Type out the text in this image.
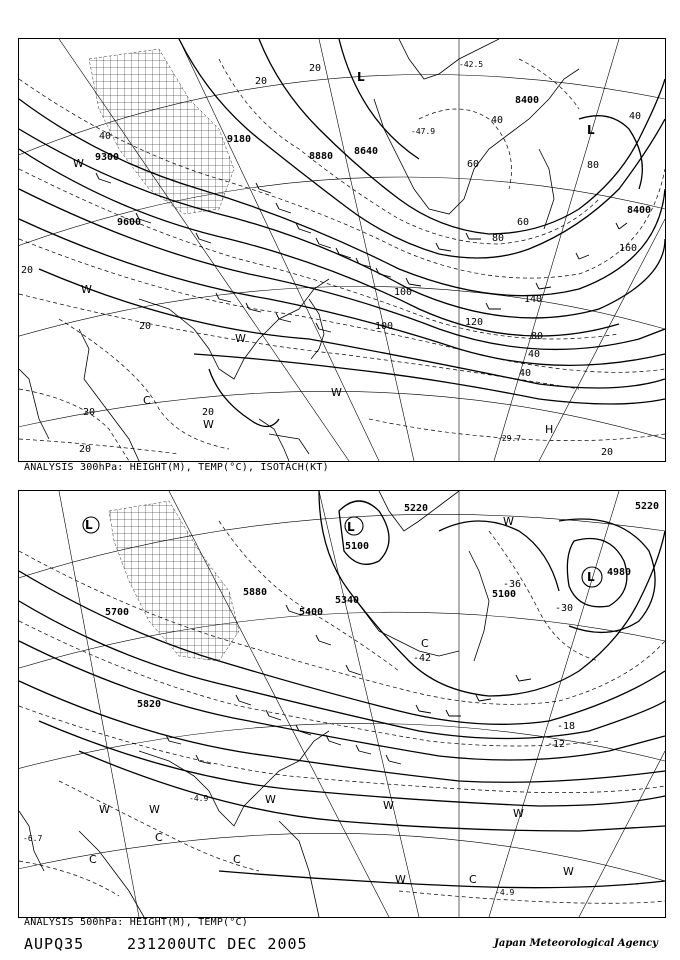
9300
9600
9180
8880 8640
8400
8400
20
20
40
20
20
20	20
20
40
60
80
100
120
140
100
80
40
40
20
160
80
60
40
W
W
W
W
W
C
L
L
H
-29.7
-47.9
-42.5
ANALYSIS 300hPa: HEIGHT(M), TEMP(°C), ISOTACH(KT)
5700
5880
5820
5400
5340
5100
5100
4980
5220
5220
-42
-36
-30
-18
-12
-4.9
-6.7
-4.9
L	L
L
C
C
C
C
C
W	W
W	W
W
W
W
W
ANALYSIS 500hPa: HEIGHT(M), TEMP(°C)
AUPQ35	231200UTC DEC 2005	Japan Meteorological Agency
